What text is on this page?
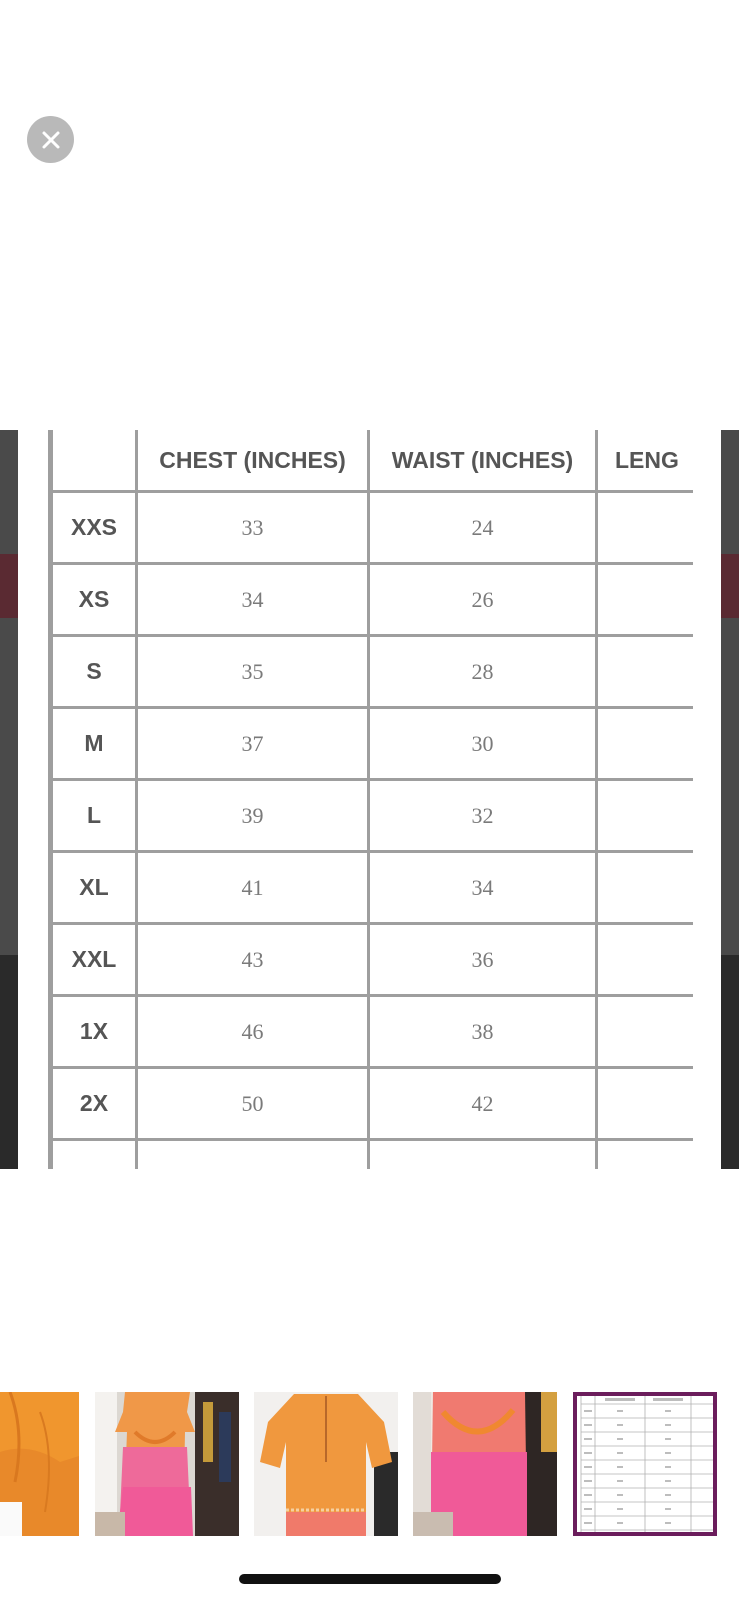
	CHEST (INCHES)	WAIST (INCHES)	LENG

XXS	33	24	
XS	34	26	
S	35	28	
M	37	30	
L	39	32	
XL	41	34	
XXL	43	36	
1X	46	38	
2X	50	42	
